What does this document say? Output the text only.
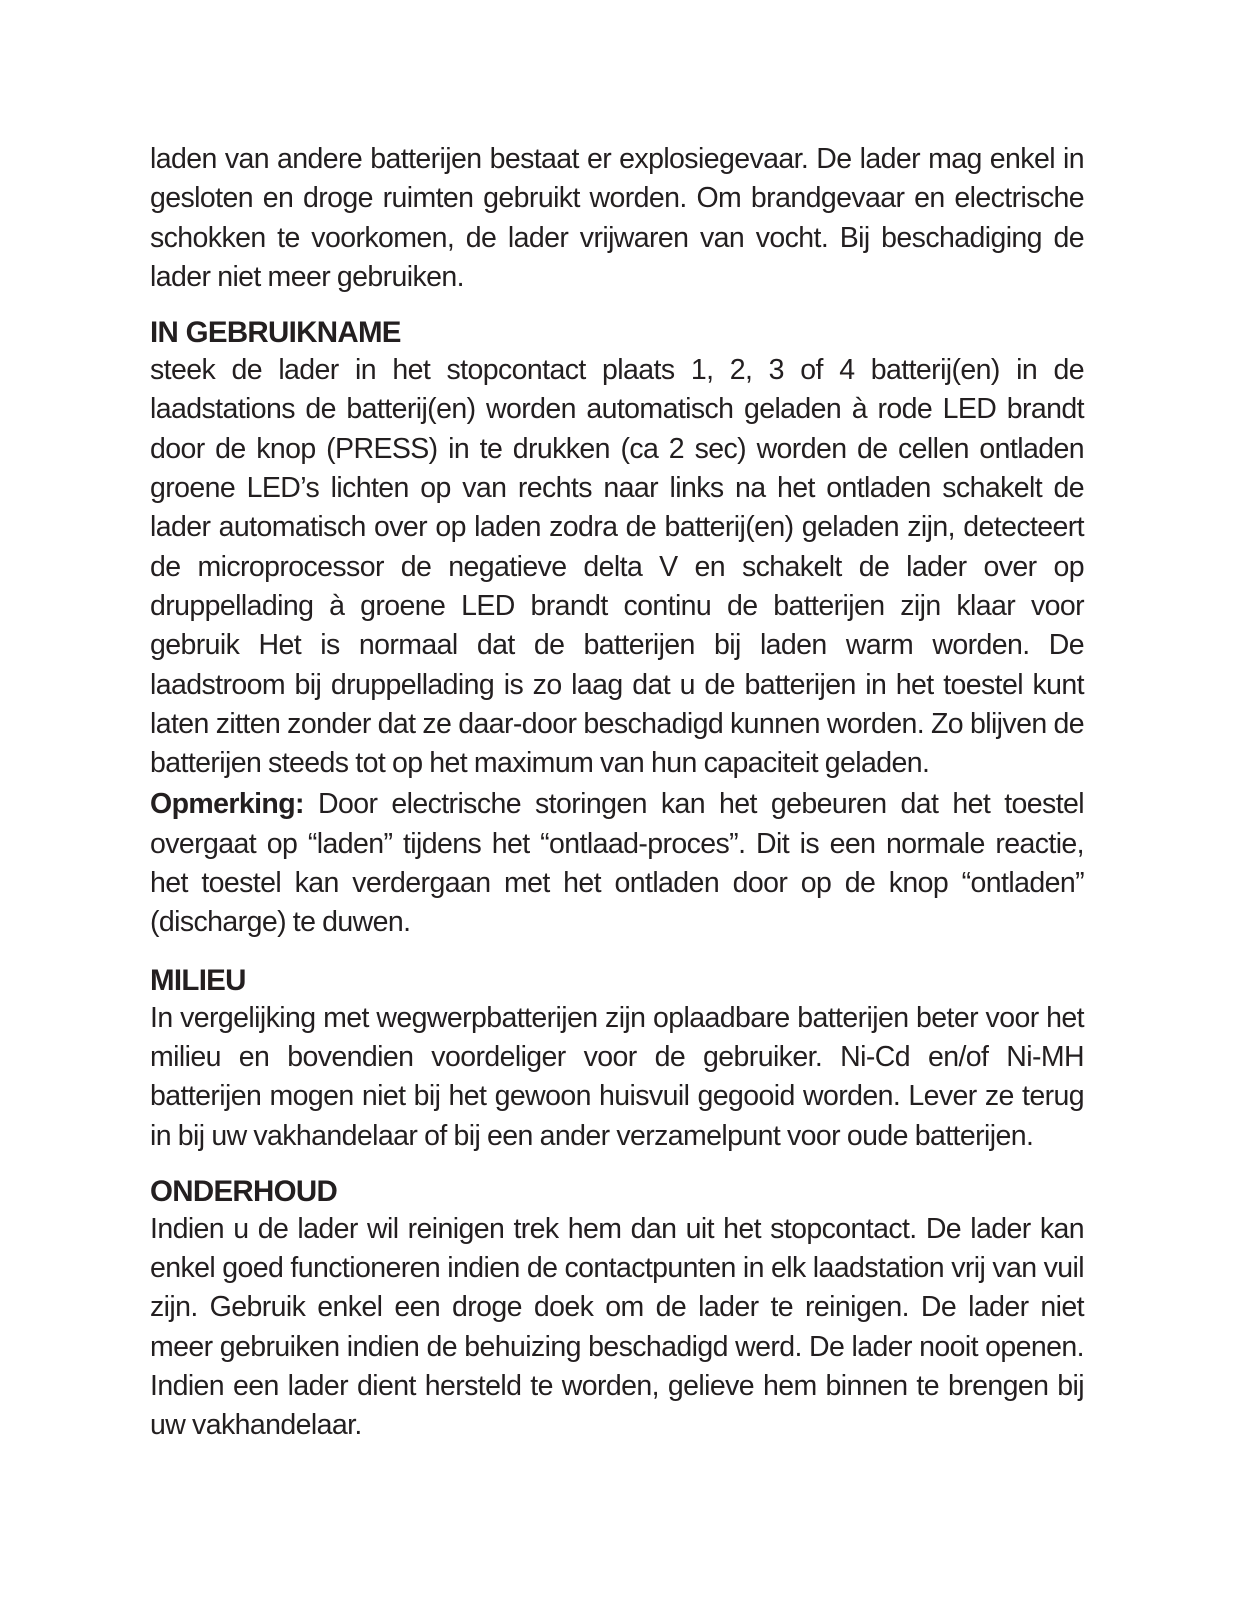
laden van andere batterijen bestaat er explosiegevaar. De lader mag enkel in gesloten en droge ruimten gebruikt worden. Om brandgevaar en electrische schokken te voorkomen, de lader vrijwaren van vocht. Bij beschadiging de lader niet meer gebruiken.

IN GEBRUIKNAME

steek de lader in het stopcontact plaats 1, 2, 3 of 4 batterij(en) in de laadstations de batterij(en) worden automatisch geladen à rode LED brandt door de knop (PRESS) in te drukken (ca 2 sec) worden de cellen ontladen groene LED’s lichten op van rechts naar links na het ontladen schakelt de lader automatisch over op laden zodra de batterij(en) geladen zijn, detecteert de microprocessor de negatieve delta V en schakelt de lader over op druppellading à groene LED brandt continu de batterijen zijn klaar voor gebruik Het is normaal dat de batterijen bij laden warm worden. De laadstroom bij druppellading is zo laag dat u de batterijen in het toestel kunt laten zitten zonder dat ze daar-door beschadigd kunnen worden. Zo blijven de batterijen steeds tot op het maximum van hun capaciteit geladen.

Opmerking: Door electrische storingen kan het gebeuren dat het toestel overgaat op “laden” tijdens het “ontlaad-proces”. Dit is een normale reactie, het toestel kan verdergaan met het ontladen door op de knop “ontladen” (discharge) te duwen.

MILIEU

In vergelijking met wegwerpbatterijen zijn oplaadbare batterijen beter voor het milieu en bovendien voordeliger voor de gebruiker. Ni-Cd en/of Ni-MH batterijen mogen niet bij het gewoon huisvuil gegooid worden. Lever ze terug in bij uw vakhandelaar of bij een ander verzamelpunt voor oude batterijen.

ONDERHOUD

Indien u de lader wil reinigen trek hem dan uit het stopcontact. De lader kan enkel goed functioneren indien de contactpunten in elk laadstation vrij van vuil zijn. Gebruik enkel een droge doek om de lader te reinigen. De lader niet meer gebruiken indien de behuizing beschadigd werd. De lader nooit openen. Indien een lader dient hersteld te worden, gelieve hem binnen te brengen bij uw vakhandelaar.
